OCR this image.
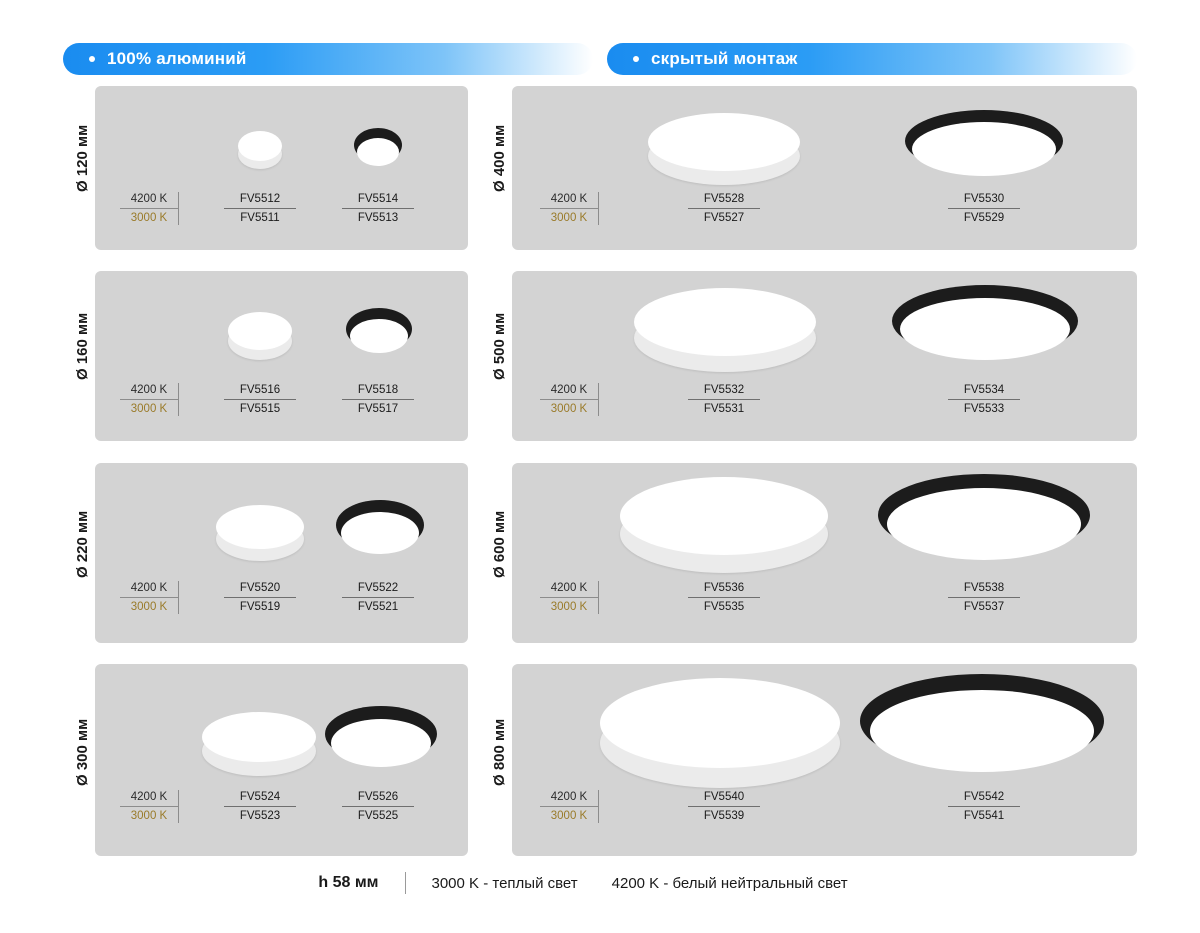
100% алюминий	скрытый монтаж
Ø 120 мм
4200 K
3000 K
FV5512
FV5511
FV5514
FV5513
Ø 400 мм
4200 K
3000 K
FV5528
FV5527
FV5530
FV5529
Ø 160 мм
4200 K
3000 K
FV5516
FV5515
FV5518
FV5517
Ø 500 мм
4200 K
3000 K
FV5532
FV5531
FV5534
FV5533
Ø 220 мм
4200 K
3000 K
FV5520
FV5519
FV5522
FV5521
Ø 600 мм
4200 K
3000 K
FV5536
FV5535
FV5538
FV5537
Ø 300 мм
4200 K
3000 K
FV5524
FV5523
FV5526
FV5525
Ø 800 мм
4200 K
3000 K
FV5540
FV5539
FV5542
FV5541
h 58 мм	3000 K - теплый свет 4200 K - белый нейтральный свет
